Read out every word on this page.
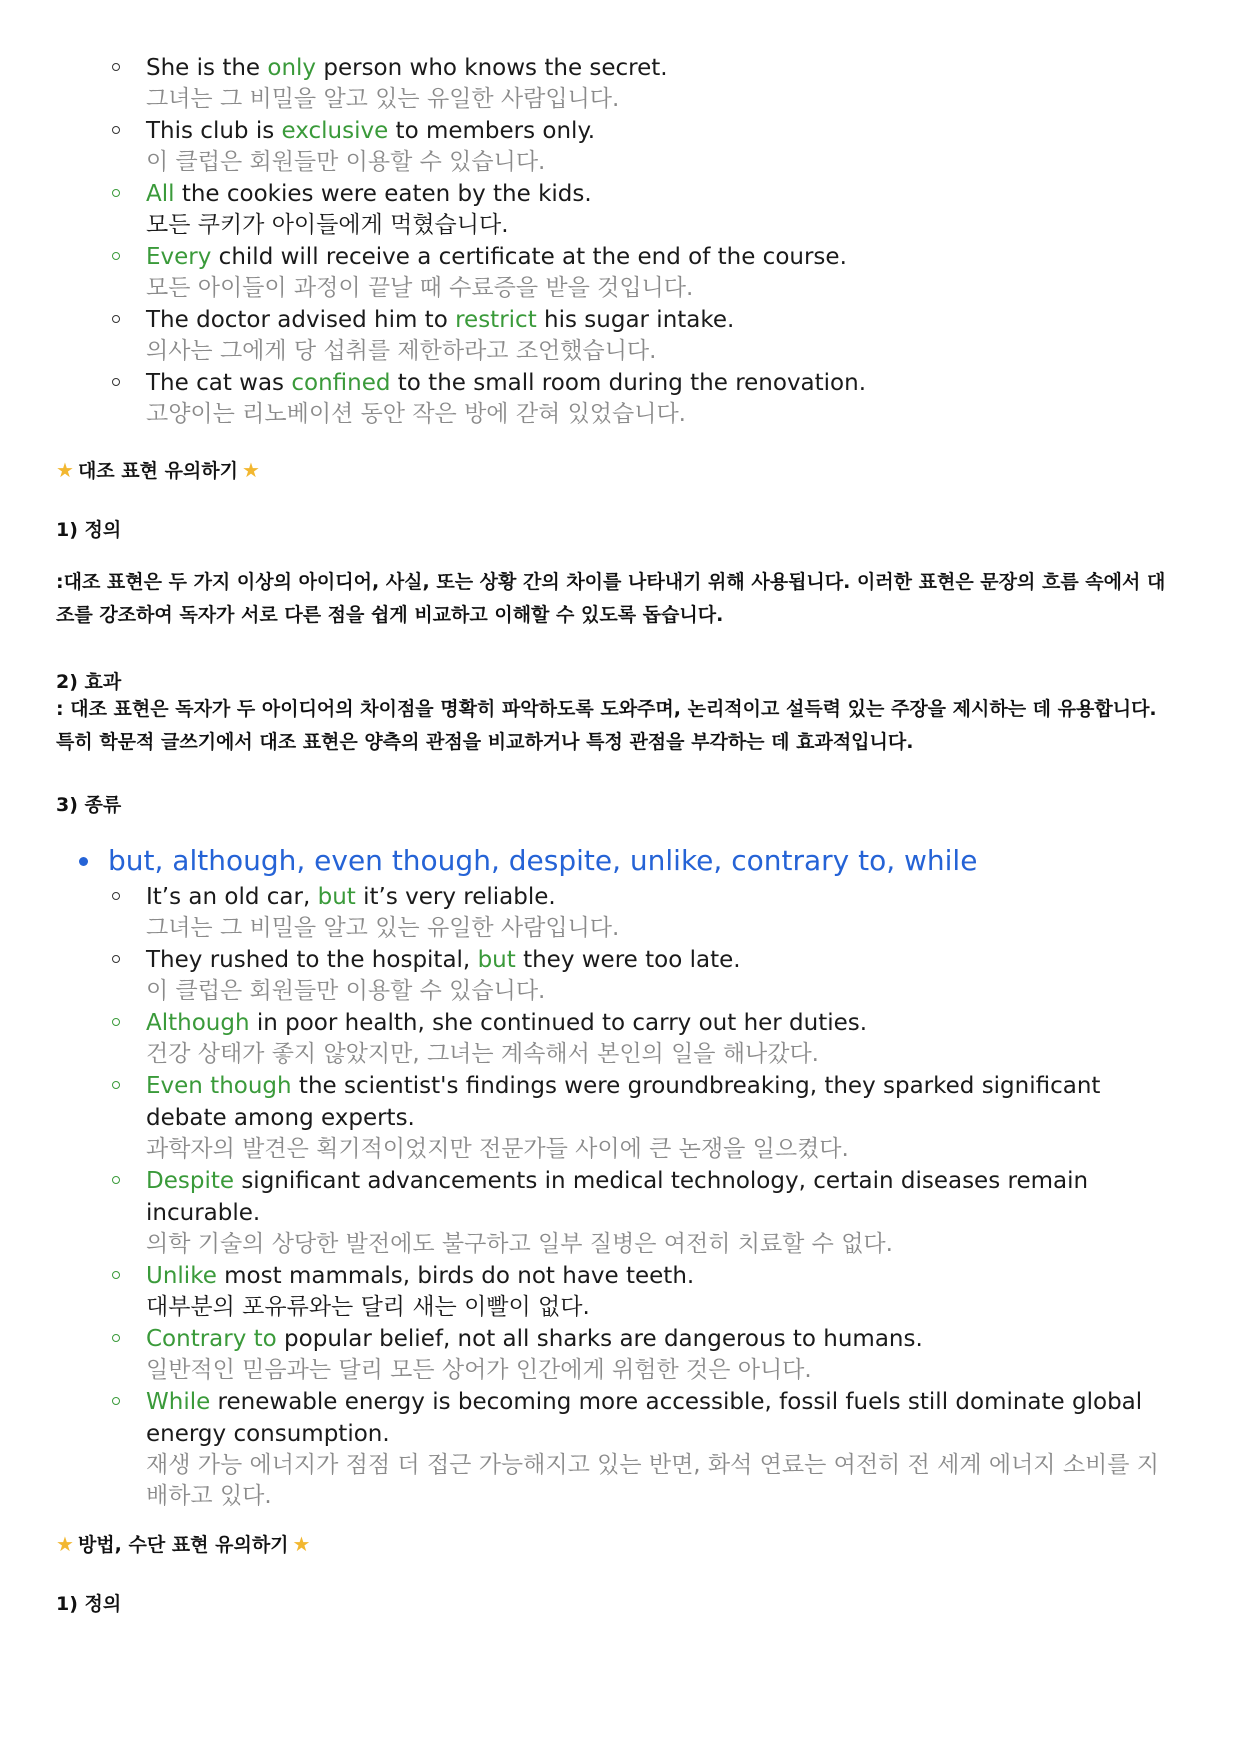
She is the only person who knows the secret.
그녀는 그 비밀을 알고 있는 유일한 사람입니다.
This club is exclusive to members only.
이 클럽은 회원들만 이용할 수 있습니다.
All the cookies were eaten by the kids.
모든 쿠키가 아이들에게 먹혔습니다.
Every child will receive a certificate at the end of the course.
모든 아이들이 과정이 끝날 때 수료증을 받을 것입니다.
The doctor advised him to restrict his sugar intake.
의사는 그에게 당 섭취를 제한하라고 조언했습니다.
The cat was confined to the small room during the renovation.
고양이는 리노베이션 동안 작은 방에 갇혀 있었습니다.
★ 대조 표현 유의하기 ★
1) 정의
:대조 표현은 두 가지 이상의 아이디어, 사실, 또는 상황 간의 차이를 나타내기 위해 사용됩니다. 이러한 표현은 문장의 흐름 속에서 대조를 강조하여 독자가 서로 다른 점을 쉽게 비교하고 이해할 수 있도록 돕습니다.
2) 효과
: 대조 표현은 독자가 두 아이디어의 차이점을 명확히 파악하도록 도와주며, 논리적이고 설득력 있는 주장을 제시하는 데 유용합니다. 특히 학문적 글쓰기에서 대조 표현은 양측의 관점을 비교하거나 특정 관점을 부각하는 데 효과적입니다.
3) 종류
but, although, even though, despite, unlike, contrary to, while
It’s an old car, but it’s very reliable.
그녀는 그 비밀을 알고 있는 유일한 사람입니다.
They rushed to the hospital, but they were too late.
이 클럽은 회원들만 이용할 수 있습니다.
Although in poor health, she continued to carry out her duties.
건강 상태가 좋지 않았지만, 그녀는 계속해서 본인의 일을 해나갔다.
Even though the scientist's findings were groundbreaking, they sparked significant debate among experts.
과학자의 발견은 획기적이었지만 전문가들 사이에 큰 논쟁을 일으켰다.
Despite significant advancements in medical technology, certain diseases remain incurable.
의학 기술의 상당한 발전에도 불구하고 일부 질병은 여전히 치료할 수 없다.
Unlike most mammals, birds do not have teeth.
대부분의 포유류와는 달리 새는 이빨이 없다.
Contrary to popular belief, not all sharks are dangerous to humans.
일반적인 믿음과는 달리 모든 상어가 인간에게 위험한 것은 아니다.
While renewable energy is becoming more accessible, fossil fuels still dominate global energy consumption.
재생 가능 에너지가 점점 더 접근 가능해지고 있는 반면, 화석 연료는 여전히 전 세계 에너지 소비를 지배하고 있다.
★ 방법, 수단 표현 유의하기 ★
1) 정의
